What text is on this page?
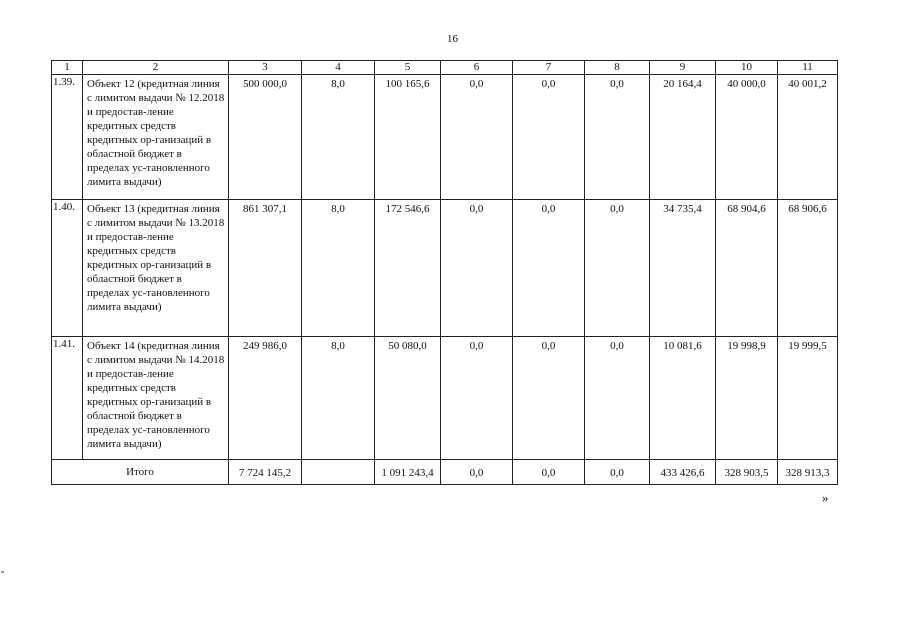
16
1	2	3	4	5	6	7	8	9	10	11
1.39.	Объект 12 (кредитная линия с лимитом выдачи № 12.2018 и предостав-ление кредитных средств кредитных ор-ганизаций в областной бюджет в пределах ус-тановленного лимита выдачи)	500 000,0	8,0	100 165,6	0,0	0,0	0,0	20 164,4	40 000,0	40 001,2
1.40.	Объект 13 (кредитная линия с лимитом выдачи № 13.2018 и предостав-ление кредитных средств кредитных ор-ганизаций в областной бюджет в пределах ус-тановленного лимита выдачи)	861 307,1	8,0	172 546,6	0,0	0,0	0,0	34 735,4	68 904,6	68 906,6
1.41.	Объект 14 (кредитная линия с лимитом выдачи № 14.2018 и предостав-ление кредитных средств кредитных ор-ганизаций в областной бюджет в пределах ус-тановленного лимита выдачи)	249 986,0	8,0	50 080,0	0,0	0,0	0,0	10 081,6	19 998,9	19 999,5
Итого		7 724 145,2		1 091 243,4	0,0	0,0	0,0	433 426,6	328 903,5	328 913,3
»
